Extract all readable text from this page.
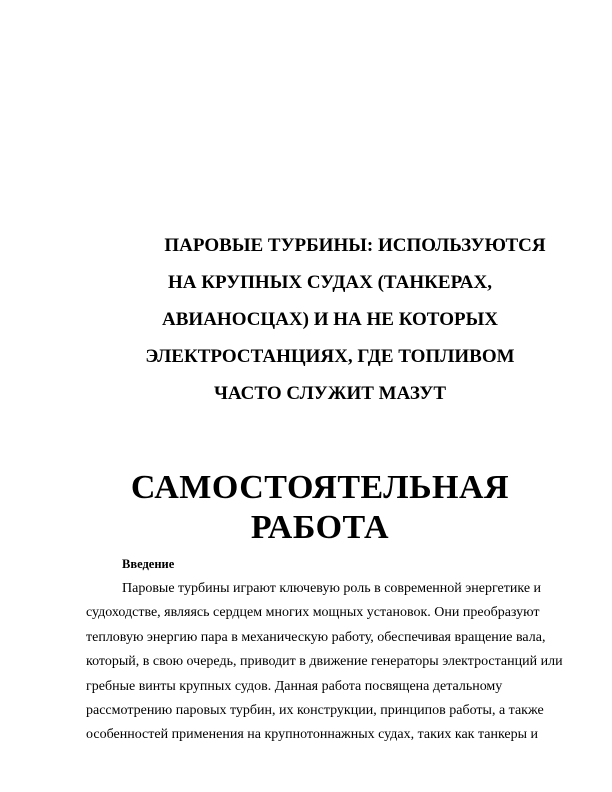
ПАРОВЫЕ ТУРБИНЫ: ИСПОЛЬЗУЮТСЯ
НА КРУПНЫХ СУДАХ (ТАНКЕРАХ,
АВИАНОСЦАХ) И НА НЕ КОТОРЫХ
ЭЛЕКТРОСТАНЦИЯХ, ГДЕ ТОПЛИВОМ
ЧАСТО СЛУЖИТ МАЗУТ
САМОСТОЯТЕЛЬНАЯ
РАБОТА

Введение

Паровые турбины играют ключевую роль в современной энергетике и
судоходстве, являясь сердцем многих мощных установок. Они преобразуют
тепловую энергию пара в механическую работу, обеспечивая вращение вала,
который, в свою очередь, приводит в движение генераторы электростанций или
гребные винты крупных судов. Данная работа посвящена детальному
рассмотрению паровых турбин, их конструкции, принципов работы, а также
особенностей применения на крупнотоннажных судах, таких как танкеры и
